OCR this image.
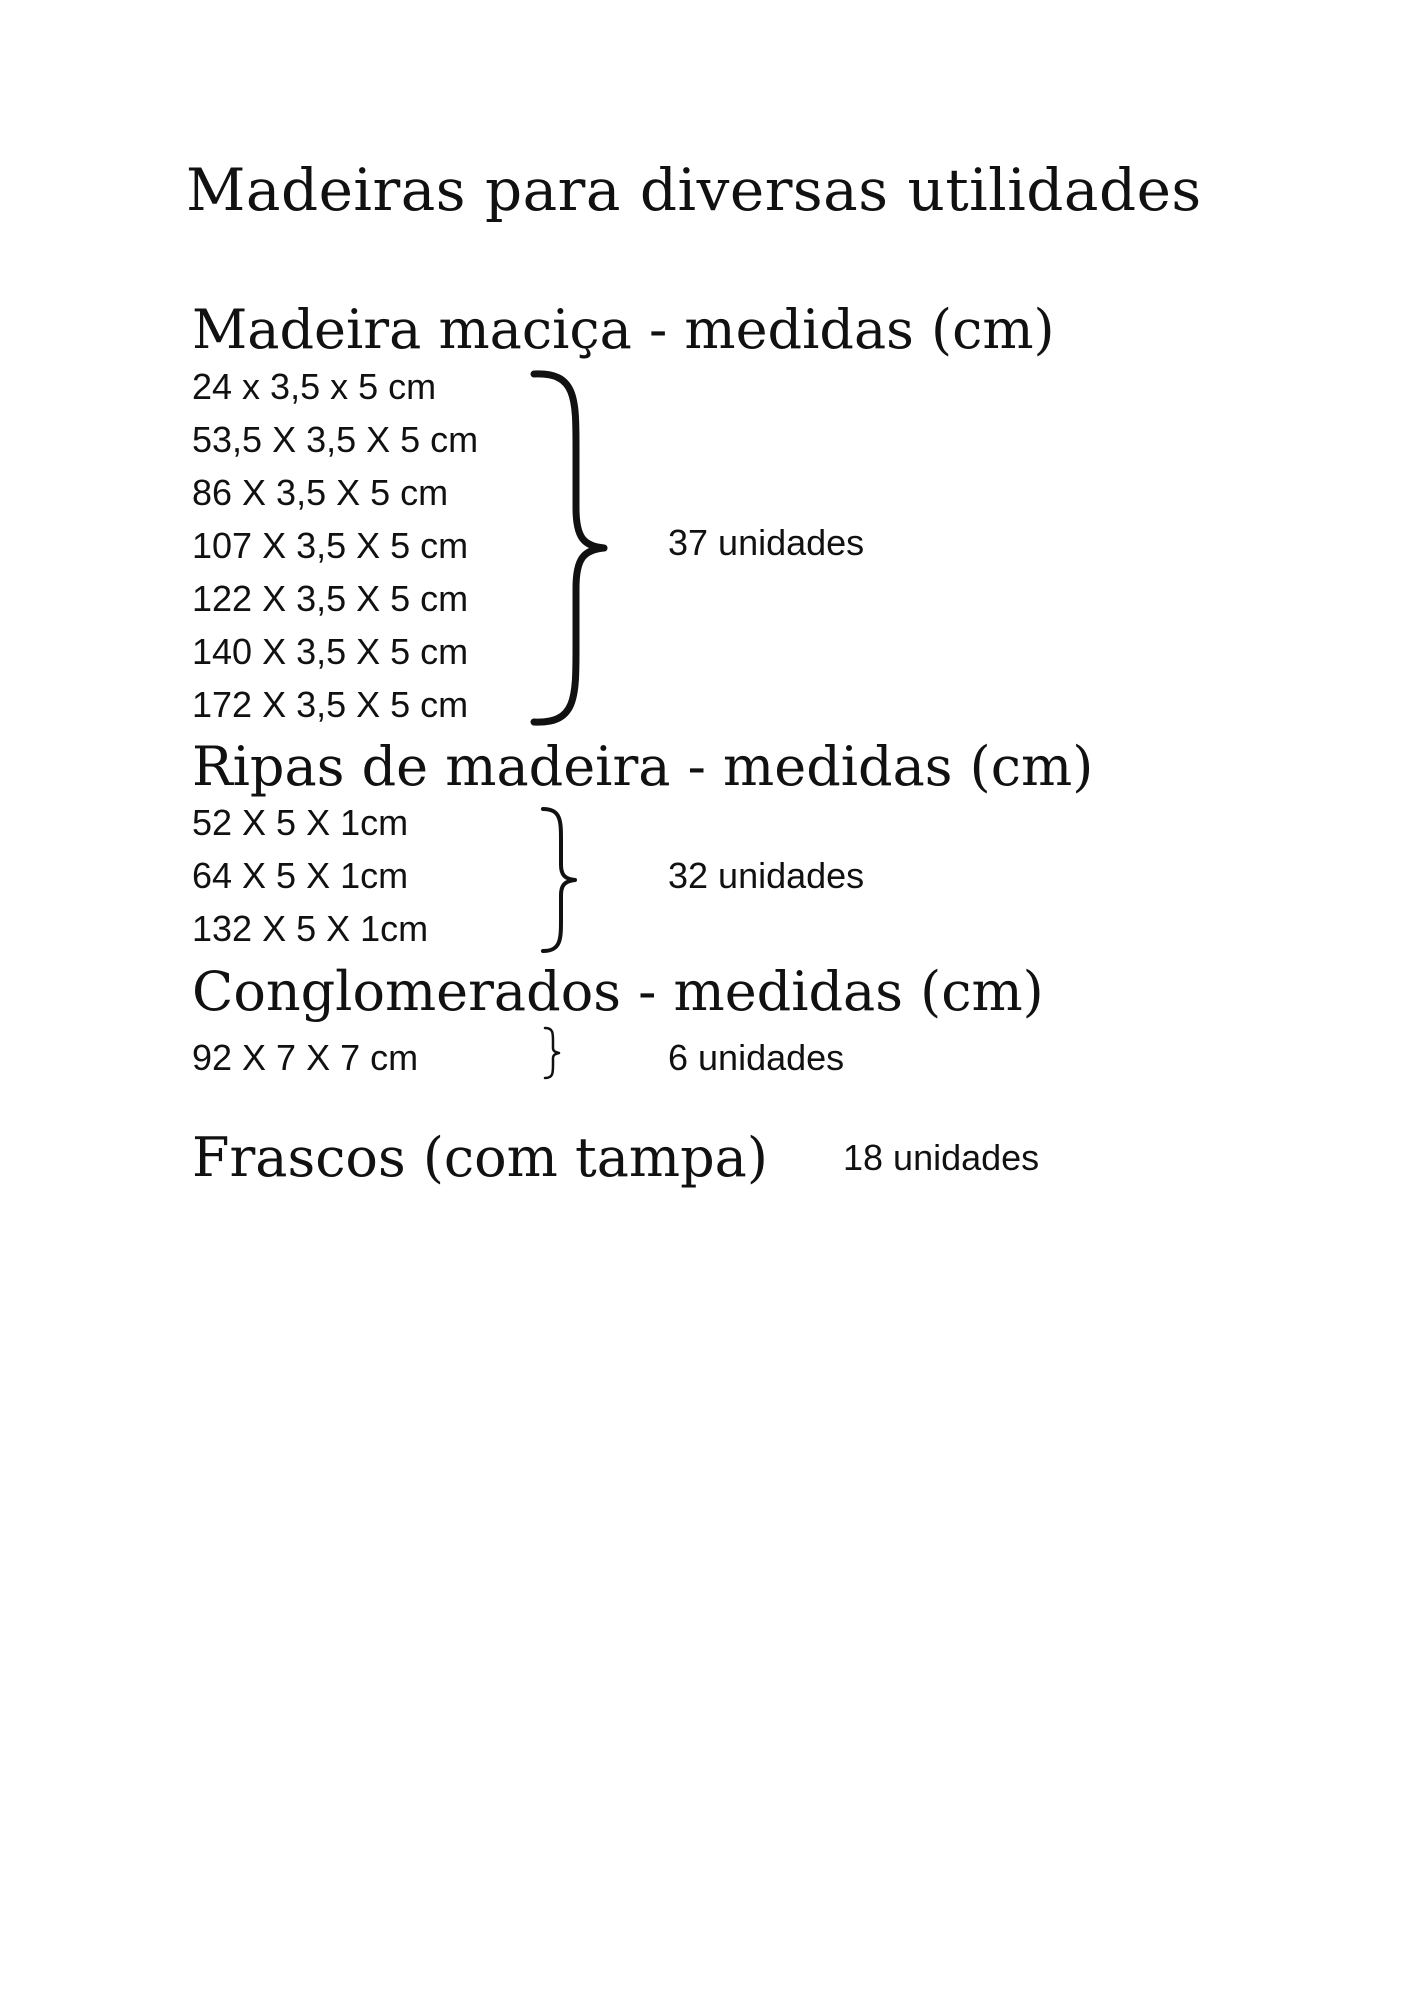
Madeiras para diversas utilidades
Madeira maciça - medidas (cm)
24 x 3,5 x 5 cm
53,5 X 3,5 X 5 cm
86 X 3,5 X 5 cm
107 X 3,5 X 5 cm
122 X 3,5 X 5 cm
140 X 3,5 X 5 cm
172 X 3,5 X 5 cm
37 unidades
Ripas de madeira - medidas (cm)
52 X 5 X 1cm
64 X 5 X 1cm
132 X 5 X 1cm
32 unidades
Conglomerados - medidas (cm)
92 X 7 X 7 cm	6 unidades
Frascos (com tampa) 18 unidades
